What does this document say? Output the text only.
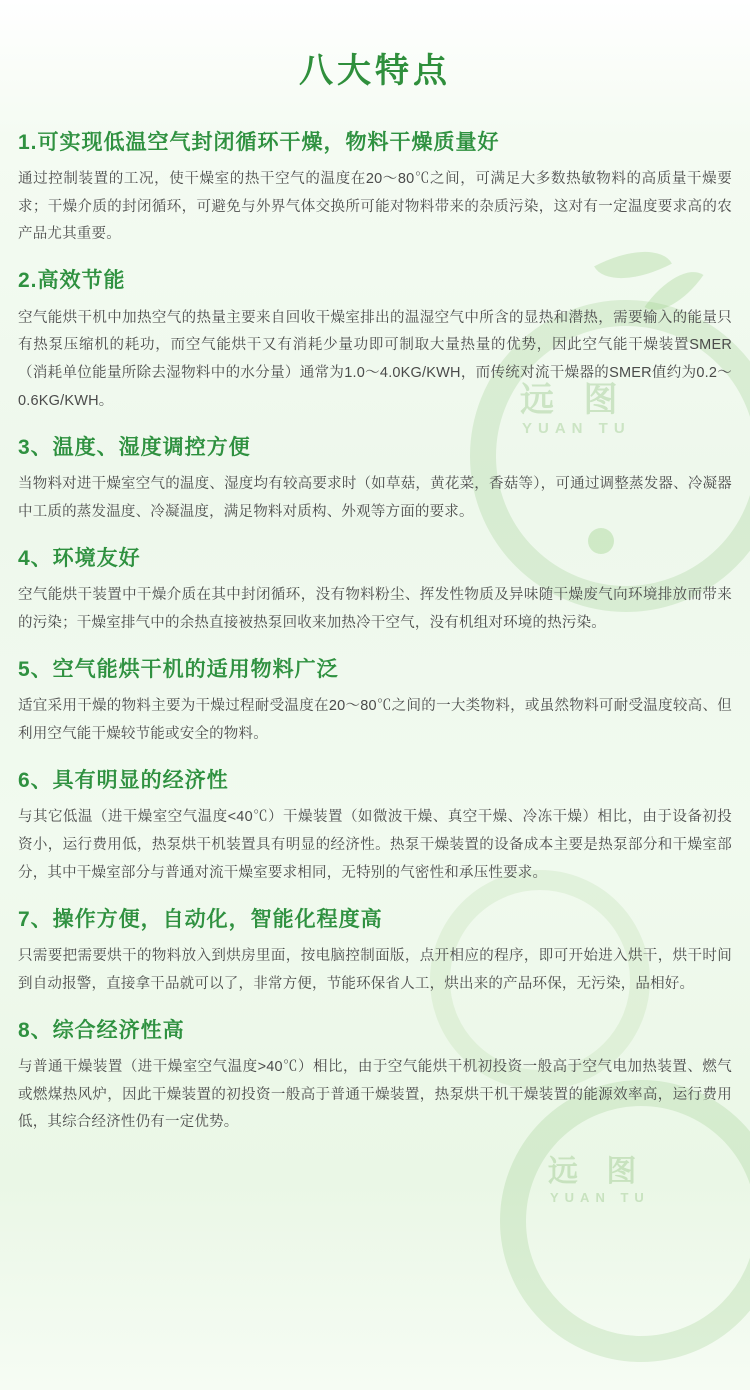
远 图
YUAN TU
远 图
YUAN TU
八大特点
1.可实现低温空气封闭循环干燥，物料干燥质量好

通过控制装置的工况，使干燥室的热干空气的温度在20～80℃之间，可满足大多数热敏物料的高质量干燥要求；干燥介质的封闭循环，可避免与外界气体交换所可能对物料带来的杂质污染，这对有一定温度要求高的农产品尤其重要。

2.高效节能

空气能烘干机中加热空气的热量主要来自回收干燥室排出的温湿空气中所含的显热和潜热，需要输入的能量只有热泵压缩机的耗功，而空气能烘干又有消耗少量功即可制取大量热量的优势，因此空气能干燥装置SMER（消耗单位能量所除去湿物料中的水分量）通常为1.0～4.0KG/KWH，而传统对流干燥器的SMER值约为0.2～0.6KG/KWH。

3、温度、湿度调控方便

当物料对进干燥室空气的温度、湿度均有较高要求时（如草菇，黄花菜，香菇等），可通过调整蒸发器、冷凝器中工质的蒸发温度、冷凝温度，满足物料对质构、外观等方面的要求。

4、环境友好

空气能烘干装置中干燥介质在其中封闭循环，没有物料粉尘、挥发性物质及异味随干燥废气向环境排放而带来的污染；干燥室排气中的余热直接被热泵回收来加热冷干空气，没有机组对环境的热污染。

5、空气能烘干机的适用物料广泛

适宜采用干燥的物料主要为干燥过程耐受温度在20～80℃之间的一大类物料，或虽然物料可耐受温度较高、但利用空气能干燥较节能或安全的物料。

6、具有明显的经济性

与其它低温（进干燥室空气温度<40℃）干燥装置（如微波干燥、真空干燥、冷冻干燥）相比，由于设备初投资小，运行费用低，热泵烘干机装置具有明显的经济性。热泵干燥装置的设备成本主要是热泵部分和干燥室部分，其中干燥室部分与普通对流干燥室要求相同，无特别的气密性和承压性要求。

7、操作方便，自动化，智能化程度高

只需要把需要烘干的物料放入到烘房里面，按电脑控制面版，点开相应的程序，即可开始进入烘干，烘干时间到自动报警，直接拿干品就可以了，非常方便，节能环保省人工，烘出来的产品环保，无污染，品相好。

8、综合经济性高

与普通干燥装置（进干燥室空气温度>40℃）相比，由于空气能烘干机初投资一般高于空气电加热装置、燃气或燃煤热风炉，因此干燥装置的初投资一般高于普通干燥装置，热泵烘干机干燥装置的能源效率高，运行费用低，其综合经济性仍有一定优势。
